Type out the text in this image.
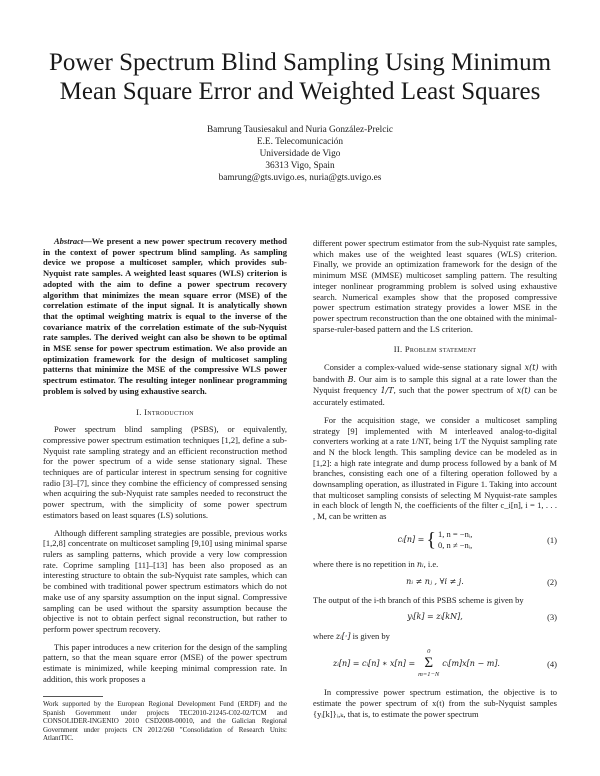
Power Spectrum Blind Sampling Using Minimum
Mean Square Error and Weighted Least Squares
Bamrung Tausiesakul and Nuria González-Prelcic
E.E. Telecomunicación
Universidade de Vigo
36313 Vigo, Spain
bamrung@gts.uvigo.es, nuria@gts.uvigo.es

Abstract—We present a new power spectrum recovery method in the context of power spectrum blind sampling. As sampling device we propose a multicoset sampler, which provides sub-Nyquist rate samples. A weighted least squares (WLS) criterion is adopted with the aim to define a power spectrum recovery algorithm that minimizes the mean square error (MSE) of the correlation estimate of the input signal. It is analytically shown that the optimal weighting matrix is equal to the inverse of the covariance matrix of the correlation estimate of the sub-Nyquist rate samples. The derived weight can also be shown to be optimal in MSE sense for power spectrum estimation. We also provide an optimization framework for the design of multicoset sampling patterns that minimize the MSE of the compressive WLS power spectrum estimator. The resulting integer nonlinear programming problem is solved by using exhaustive search.

I. Introduction

Power spectrum blind sampling (PSBS), or equivalently, compressive power spectrum estimation techniques [1,2], define a sub-Nyquist rate sampling strategy and an efficient reconstruction method for the power spectrum of a wide sense stationary signal. These techniques are of particular interest in spectrum sensing for cognitive radio [3]–[7], since they combine the efficiency of compressed sensing when acquiring the sub-Nyquist rate samples needed to reconstruct the power spectrum, with the simplicity of some power spectrum estimators based on least squares (LS) solutions.

Although different sampling strategies are possible, previous works [1,2,8] concentrate on multicoset sampling [9,10] using minimal sparse rulers as sampling patterns, which provide a very low compression rate. Coprime sampling [11]–[13] has been also proposed as an interesting structure to obtain the sub-Nyquist rate samples, which can be combined with traditional power spectrum estimators which do not make use of any sparsity assumption on the input signal. Compressive sampling can be used without the sparsity assumption because the objective is not to obtain perfect signal reconstruction, but rather to perform power spectrum recovery.

This paper introduces a new criterion for the design of the sampling pattern, so that the mean square error (MSE) of the power spectrum estimate is minimized, while keeping minimal compression rate. In addition, this work proposes a

Work supported by the European Regional Development Fund (ERDF) and the Spanish Government under projects TEC2010-21245-C02-02/TCM and CONSOLIDER-INGENIO 2010 CSD2008-00010, and the Galician Regional Government under projects CN 2012/260 "Consolidation of Research Units: AtlantTIC.

different power spectrum estimator from the sub-Nyquist rate samples, which makes use of the weighted least squares (WLS) criterion. Finally, we provide an optimization framework for the design of the minimum MSE (MMSE) multicoset sampling pattern. The resulting integer nonlinear programming problem is solved using exhaustive search. Numerical examples show that the proposed compressive power spectrum estimation strategy provides a lower MSE in the power spectrum reconstruction than the one obtained with the minimal-sparse-ruler-based pattern and the LS criterion.

II. Problem statement

Consider a complex-valued wide-sense stationary signal x(t) with bandwith B. Our aim is to sample this signal at a rate lower than the Nyquist frequency 1/T, such that the power spectrum of x(t) can be accurately estimated.

For the acquisition stage, we consider a multicoset sampling strategy [9] implemented with M interleaved analog-to-digital converters working at a rate 1/NT, being 1/T the Nyquist sampling rate and N the block length. This sampling device can be modeled as in [1,2]: a high rate integrate and dump process followed by a bank of M branches, consisting each one of a filtering operation followed by a downsampling operation, as illustrated in Figure 1. Taking into account that multicoset sampling consists of selecting M Nyquist-rate samples in each block of length N, the coefficients of the filter c_i[n], i = 1, . . . , M, can be written as

cᵢ[n] = { 1, n = −nᵢ,
0, n ≠ −nᵢ,
(1)

where there is no repetition in nᵢ, i.e.

nᵢ ≠ nⱼ , ∀i ≠ j.	(2)

The output of the i-th branch of this PSBS scheme is given by

yᵢ[k] = zᵢ[kN],	(3)

where zᵢ[·] is given by

zᵢ[n] = cᵢ[n] ∗ x[n] =
0
Σ
m=1−N
cᵢ[m]x[n − m].	(4)

In compressive power spectrum estimation, the objective is to estimate the power spectrum of x(t) from the sub-Nyquist samples {yᵢ[k]}ᵢ,ₖ, that is, to estimate the power spectrum
